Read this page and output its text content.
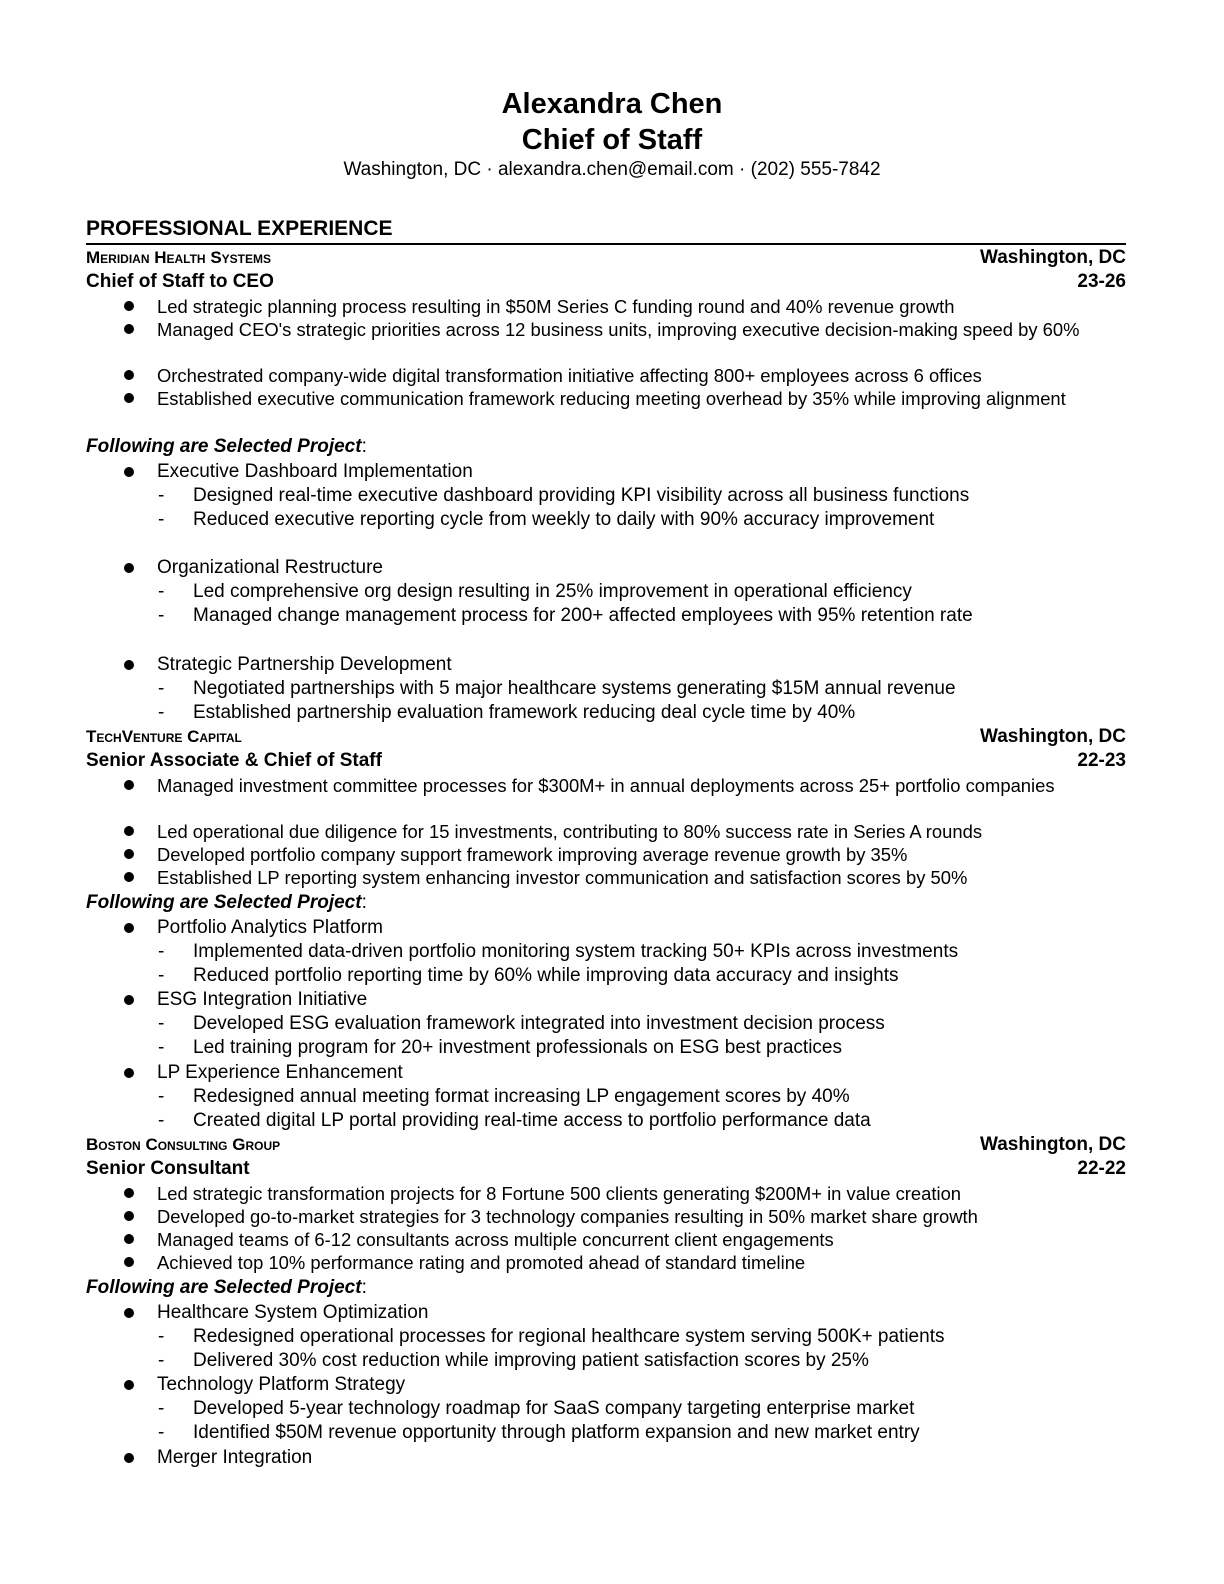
Alexandra Chen
Chief of Staff
Washington, DC · alexandra.chen@email.com · (202) 555-7842
PROFESSIONAL EXPERIENCE
Meridian Health Systems	Washington, DC
Chief of Staff to CEO	23-26
Led strategic planning process resulting in $50M Series C funding round and 40% revenue growth
Managed CEO's strategic priorities across 12 business units, improving executive decision-making speed by 60%
Orchestrated company-wide digital transformation initiative affecting 800+ employees across 6 offices
Established executive communication framework reducing meeting overhead by 35% while improving alignment
Following are Selected Project:
Executive Dashboard Implementation
- Designed real-time executive dashboard providing KPI visibility across all business functions
- Reduced executive reporting cycle from weekly to daily with 90% accuracy improvement
Organizational Restructure
- Led comprehensive org design resulting in 25% improvement in operational efficiency
- Managed change management process for 200+ affected employees with 95% retention rate
Strategic Partnership Development
- Negotiated partnerships with 5 major healthcare systems generating $15M annual revenue
- Established partnership evaluation framework reducing deal cycle time by 40%
TechVenture Capital	Washington, DC
Senior Associate & Chief of Staff	22-23
Managed investment committee processes for $300M+ in annual deployments across 25+ portfolio companies
Led operational due diligence for 15 investments, contributing to 80% success rate in Series A rounds
Developed portfolio company support framework improving average revenue growth by 35%
Established LP reporting system enhancing investor communication and satisfaction scores by 50%
Following are Selected Project:
Portfolio Analytics Platform
- Implemented data-driven portfolio monitoring system tracking 50+ KPIs across investments
- Reduced portfolio reporting time by 60% while improving data accuracy and insights
ESG Integration Initiative
- Developed ESG evaluation framework integrated into investment decision process
- Led training program for 20+ investment professionals on ESG best practices
LP Experience Enhancement
- Redesigned annual meeting format increasing LP engagement scores by 40%
- Created digital LP portal providing real-time access to portfolio performance data
Boston Consulting Group	Washington, DC
Senior Consultant	22-22
Led strategic transformation projects for 8 Fortune 500 clients generating $200M+ in value creation
Developed go-to-market strategies for 3 technology companies resulting in 50% market share growth
Managed teams of 6-12 consultants across multiple concurrent client engagements
Achieved top 10% performance rating and promoted ahead of standard timeline
Following are Selected Project:
Healthcare System Optimization
- Redesigned operational processes for regional healthcare system serving 500K+ patients
- Delivered 30% cost reduction while improving patient satisfaction scores by 25%
Technology Platform Strategy
- Developed 5-year technology roadmap for SaaS company targeting enterprise market
- Identified $50M revenue opportunity through platform expansion and new market entry
Merger Integration
